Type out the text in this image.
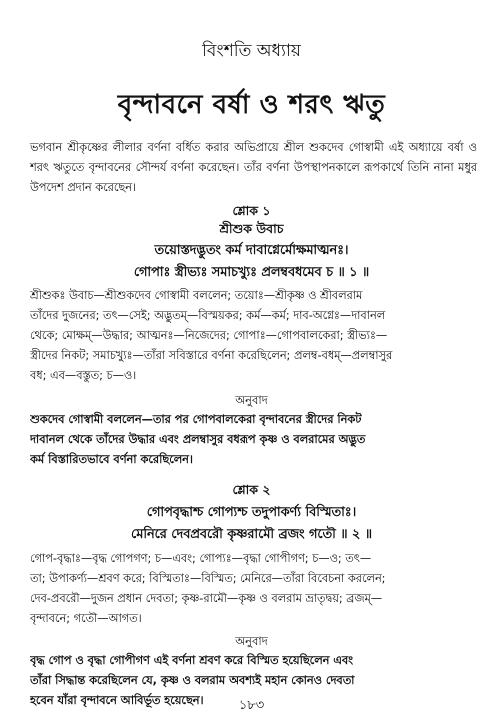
বিংশতি অধ্যায়
বৃন্দাবনে বর্ষা ও শরৎ ঋতু
ভগবান শ্রীকৃষ্ণের লীলার বর্ণনা বর্ধিত করার অভিপ্রায়ে শ্রীল শুকদেব গোস্বামী এই অধ্যায়ে বর্ষা ও শরৎ ঋতুতে বৃন্দাবনের সৌন্দর্য বর্ণনা করেছেন। তাঁর বর্ণনা উপস্থাপনকালে রূপকার্থে তিনি নানা মধুর উপদেশ প্রদান করেছেন।
শ্লোক ১
শ্রীশুক উবাচ
তয়োস্তদদ্ভুতং কর্ম দাবাগ্নের্মোক্ষমাত্মনঃ।
গোপাঃ স্ত্রীভ্যঃ সমাচখ্যুঃ প্রলম্ববধমেব চ ॥ ১ ॥
শ্রীশুকঃ উবাচ—শ্রীশুকদেব গোস্বামী বললেন; তয়োঃ—শ্রীকৃষ্ণ ও শ্রীবলরাম
তাঁদের দুজনের; তৎ—সেই; অদ্ভুতম্—বিস্ময়কর; কর্ম—কর্ম; দাব-অগ্নেঃ—দাবানল
থেকে; মোক্ষম্—উদ্ধার; আত্মনঃ—নিজেদের; গোপাঃ—গোপবালকেরা; স্ত্রীভ্যঃ—
স্ত্রীদের নিকট; সমাচখ্যুঃ—তাঁরা সবিস্তারে বর্ণনা করেছিলেন; প্রলম্ব-বধম্—প্রলম্বাসুর
বধ; এব—বস্তুত; চ—ও।
অনুবাদ
শুকদেব গোস্বামী বললেন—তার পর গোপবালকেরা বৃন্দাবনের স্ত্রীদের নিকট
দাবানল থেকে তাঁদের উদ্ধার এবং প্রলম্বাসুর বধরূপ কৃষ্ণ ও বলরামের অদ্ভুত
কর্ম বিস্তারিতভাবে বর্ণনা করেছিলেন।
শ্লোক ২
গোপবৃদ্ধাশ্চ গোপ্যশ্চ তদুপাকর্ণ্য বিস্মিতাঃ।
মেনিরে দেবপ্রবরৌ কৃষ্ণরামৌ ব্রজং গতৌ ॥ ২ ॥
গোপ-বৃদ্ধাঃ—বৃদ্ধ গোপগণ; চ—এবং; গোপ্যঃ—বৃদ্ধা গোপীগণ; চ—ও; তৎ—
তা; উপাকর্ণ্য—শ্রবণ করে; বিস্মিতাঃ—বিস্মিত; মেনিরে—তাঁরা বিবেচনা করলেন;
দেব-প্রবরৌ—দুজন প্রধান দেবতা; কৃষ্ণ-রামৌ—কৃষ্ণ ও বলরাম ভ্রাতৃদ্বয়; ব্রজম্—
বৃন্দাবনে; গতৌ—আগত।
অনুবাদ
বৃদ্ধ গোপ ও বৃদ্ধা গোপীগণ এই বর্ণনা শ্রবণ করে বিস্মিত হয়েছিলেন এবং
তাঁরা সিদ্ধান্ত করেছিলেন যে, কৃষ্ণ ও বলরাম অবশ্যই মহান কোনও দেবতা
হবেন যাঁরা বৃন্দাবনে আবির্ভূত হয়েছেন।	১৮৩
